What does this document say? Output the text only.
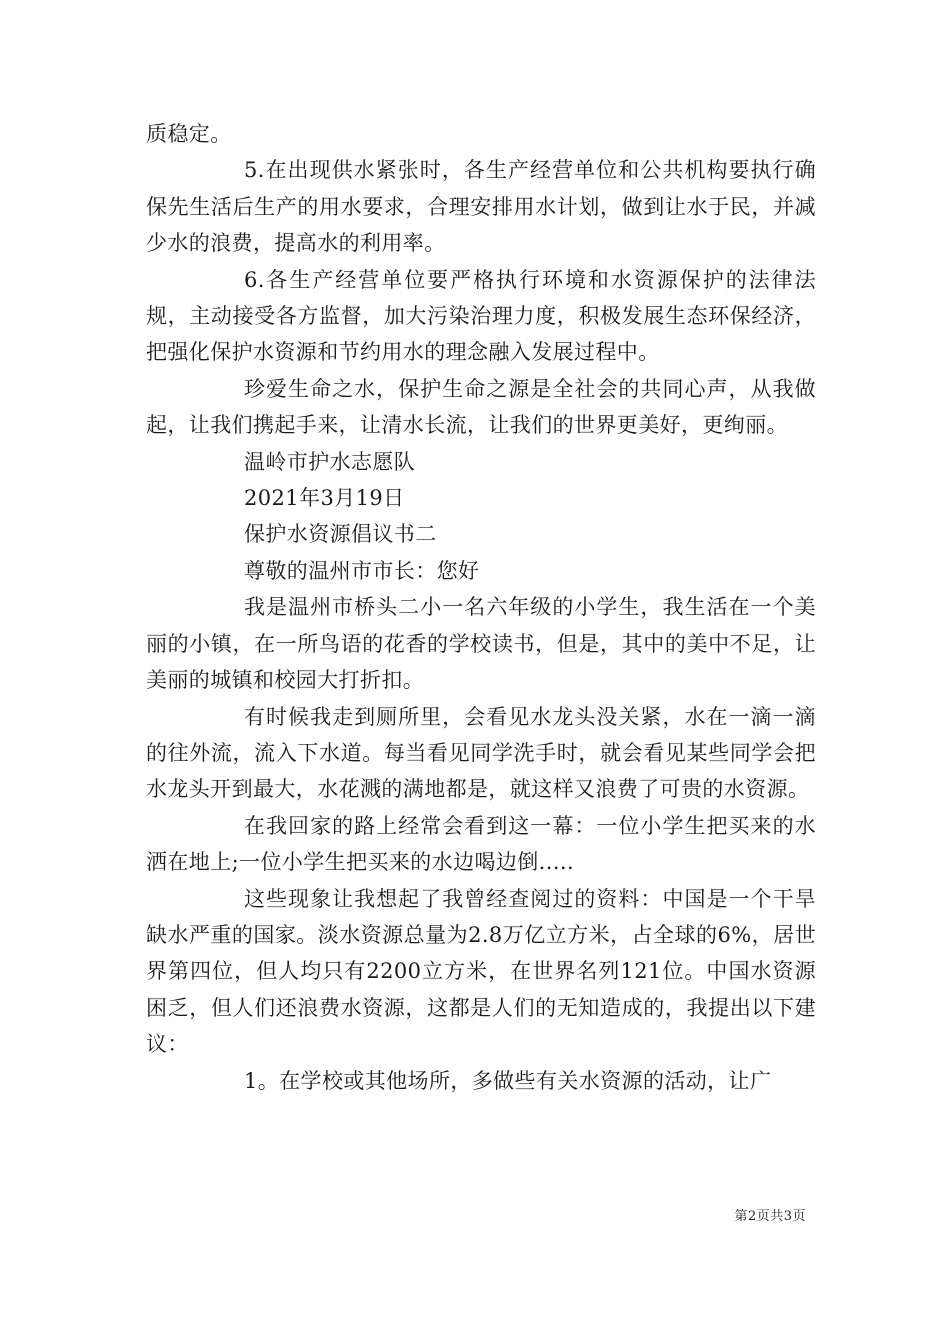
质稳定。

5.在出现供水紧张时，各生产经营单位和公共机构要执行确保先生活后生产的用水要求，合理安排用水计划，做到让水于民，并减少水的浪费，提高水的利用率。

6.各生产经营单位要严格执行环境和水资源保护的法律法规，主动接受各方监督，加大污染治理力度，积极发展生态环保经济，把强化保护水资源和节约用水的理念融入发展过程中。

珍爱生命之水，保护生命之源是全社会的共同心声，从我做起，让我们携起手来，让清水长流，让我们的世界更美好，更绚丽。

温岭市护水志愿队

2021年3月19日

保护水资源倡议书二

尊敬的温州市市长：您好

我是温州市桥头二小一名六年级的小学生，我生活在一个美丽的小镇，在一所鸟语的花香的学校读书，但是，其中的美中不足，让美丽的城镇和校园大打折扣。

有时候我走到厕所里，会看见水龙头没关紧，水在一滴一滴的往外流，流入下水道。每当看见同学洗手时，就会看见某些同学会把水龙头开到最大，水花溅的满地都是，就这样又浪费了可贵的水资源。

在我回家的路上经常会看到这一幕：一位小学生把买来的水洒在地上;一位小学生把买来的水边喝边倒.....

这些现象让我想起了我曾经查阅过的资料：中国是一个干旱缺水严重的国家。淡水资源总量为2.8万亿立方米，占全球的6%，居世界第四位，但人均只有2200立方米，在世界名列121位。中国水资源困乏，但人们还浪费水资源，这都是人们的无知造成的，我提出以下建议：

1。在学校或其他场所，多做些有关水资源的活动，让广

第2页共3页
